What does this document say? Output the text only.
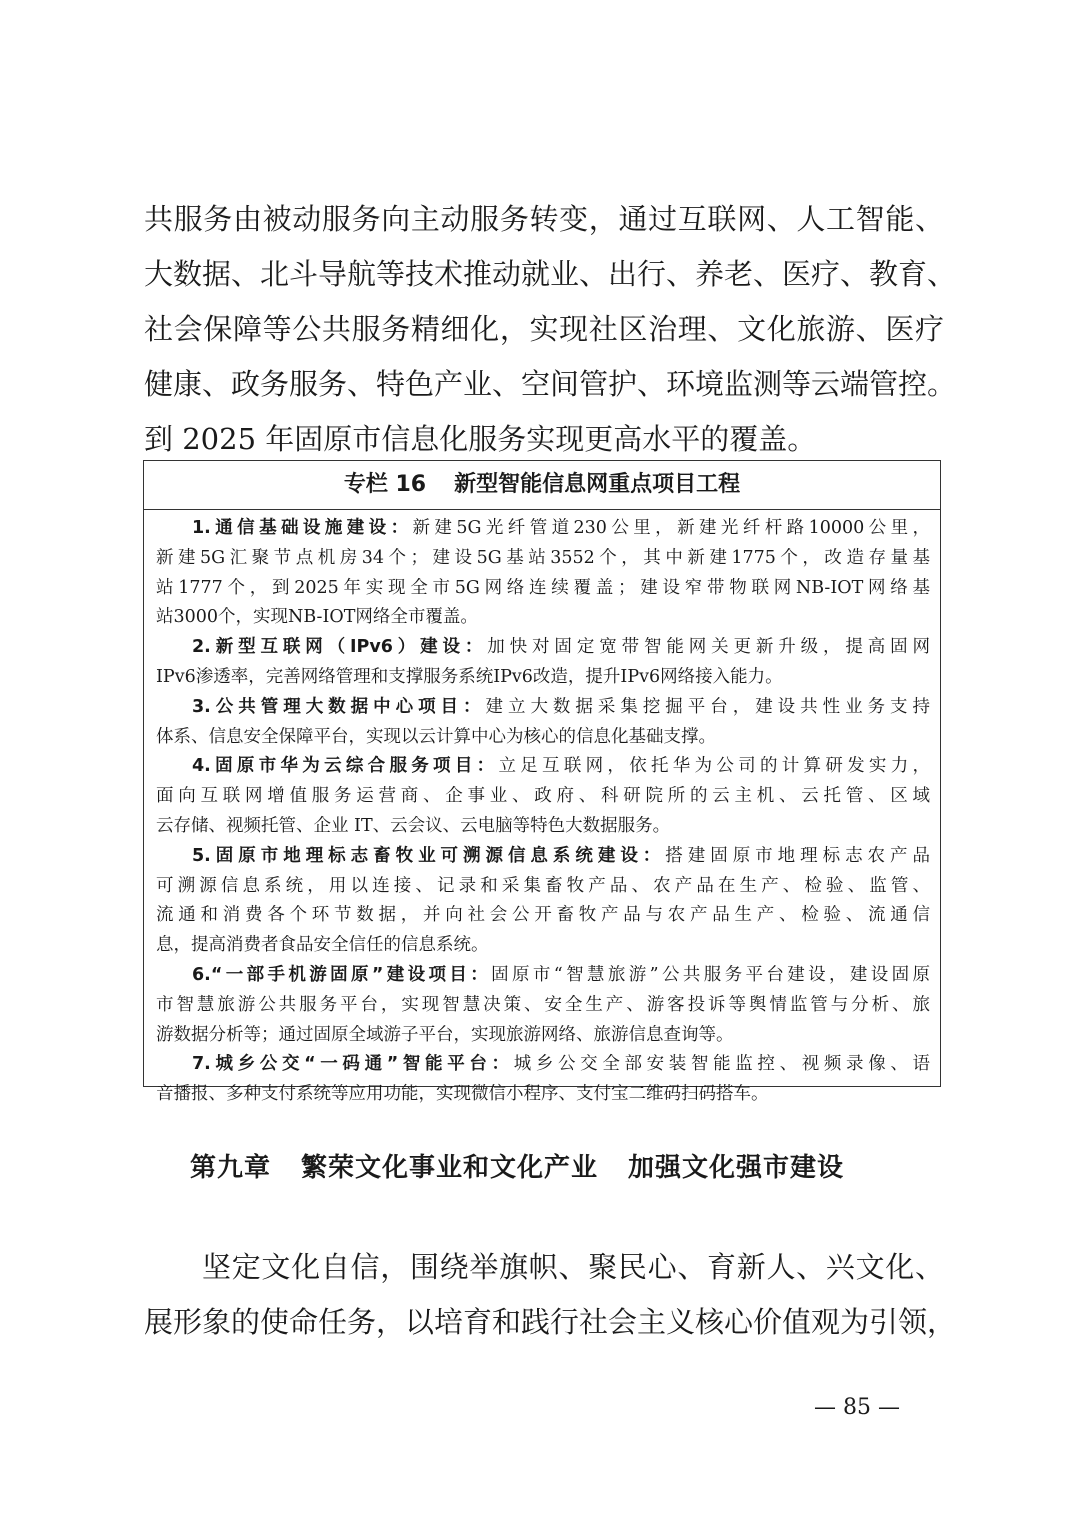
共服务由被动服务向主动服务转变，通过互联网、人工智能、
大数据、北斗导航等技术推动就业、出行、养老、医疗、教育、
社会保障等公共服务精细化，实现社区治理、文化旅游、医疗
健康、政务服务、特色产业、空间管护、环境监测等云端管控。
到 2025 年固原市信息化服务实现更高水平的覆盖。
专栏 16 新型智能信息网重点项目工程
1.通信基础设施建设：新建5G光纤管道230公里，新建光纤杆路10000公里，
新建5G汇聚节点机房34个；建设5G基站3552个，其中新建1775个，改造存量基
站1777个，到2025年实现全市5G网络连续覆盖；建设窄带物联网NB-IOT网络基
站3000个，实现NB-IOT网络全市覆盖。
2.新型互联网（IPv6）建设：加快对固定宽带智能网关更新升级，提高固网
IPv6渗透率，完善网络管理和支撑服务系统IPv6改造，提升IPv6网络接入能力。
3.公共管理大数据中心项目：建立大数据采集挖掘平台，建设共性业务支持
体系、信息安全保障平台，实现以云计算中心为核心的信息化基础支撑。
4.固原市华为云综合服务项目：立足互联网，依托华为公司的计算研发实力，
面向互联网增值服务运营商、企事业、政府、科研院所的云主机、云托管、区域
云存储、视频托管、企业 IT、云会议、云电脑等特色大数据服务。
5.固原市地理标志畜牧业可溯源信息系统建设：搭建固原市地理标志农产品
可溯源信息系统，用以连接、记录和采集畜牧产品、农产品在生产、检验、监管、
流通和消费各个环节数据，并向社会公开畜牧产品与农产品生产、检验、流通信
息，提高消费者食品安全信任的信息系统。
6.“一部手机游固原”建设项目：固原市“智慧旅游”公共服务平台建设，建设固原
市智慧旅游公共服务平台，实现智慧决策、安全生产、游客投诉等舆情监管与分析、旅
游数据分析等；通过固原全域游子平台，实现旅游网络、旅游信息查询等。
7.城乡公交“一码通”智能平台：城乡公交全部安装智能监控、视频录像、语
音播报、多种支付系统等应用功能，实现微信小程序、支付宝二维码扫码搭车。
第九章 繁荣文化事业和文化产业 加强文化强市建设
坚定文化自信，围绕举旗帜、聚民心、育新人、兴文化、
展形象的使命任务，以培育和践行社会主义核心价值观为引领，
— 85 —
